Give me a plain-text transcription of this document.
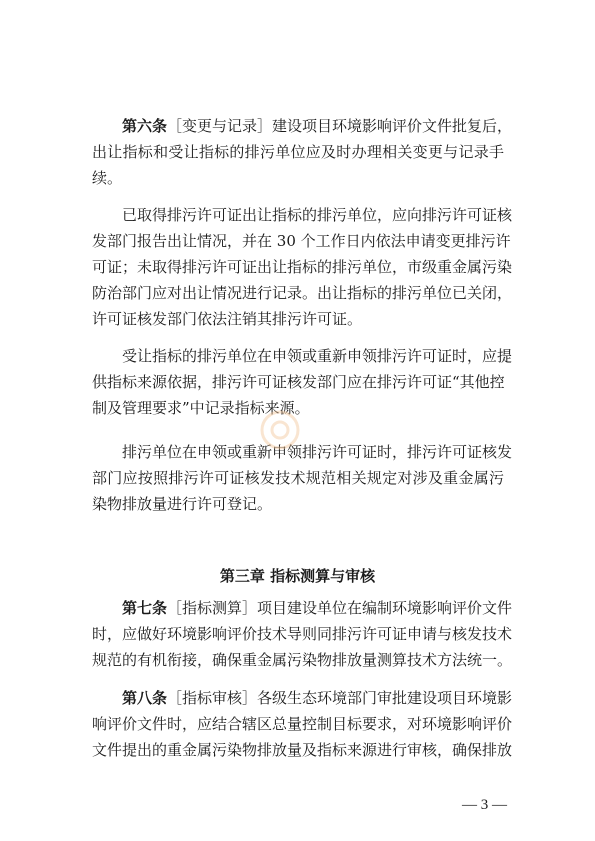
第六条［变更与记录］建设项目环境影响评价文件批复后，
出让指标和受让指标的排污单位应及时办理相关变更与记录手
续。
已取得排污许可证出让指标的排污单位，应向排污许可证核
发部门报告出让情况，并在 30 个工作日内依法申请变更排污许
可证；未取得排污许可证出让指标的排污单位，市级重金属污染
防治部门应对出让情况进行记录。出让指标的排污单位已关闭，
许可证核发部门依法注销其排污许可证。
受让指标的排污单位在申领或重新申领排污许可证时，应提
供指标来源依据，排污许可证核发部门应在排污许可证“其他控
制及管理要求”中记录指标来源。
排污单位在申领或重新申领排污许可证时，排污许可证核发
部门应按照排污许可证核发技术规范相关规定对涉及重金属污
染物排放量进行许可登记。
第三章 指标测算与审核
第七条［指标测算］项目建设单位在编制环境影响评价文件
时，应做好环境影响评价技术导则同排污许可证申请与核发技术
规范的有机衔接，确保重金属污染物排放量测算技术方法统一。
第八条［指标审核］各级生态环境部门审批建设项目环境影
响评价文件时，应结合辖区总量控制目标要求，对环境影响评价
文件提出的重金属污染物排放量及指标来源进行审核，确保排放
— 3 —
